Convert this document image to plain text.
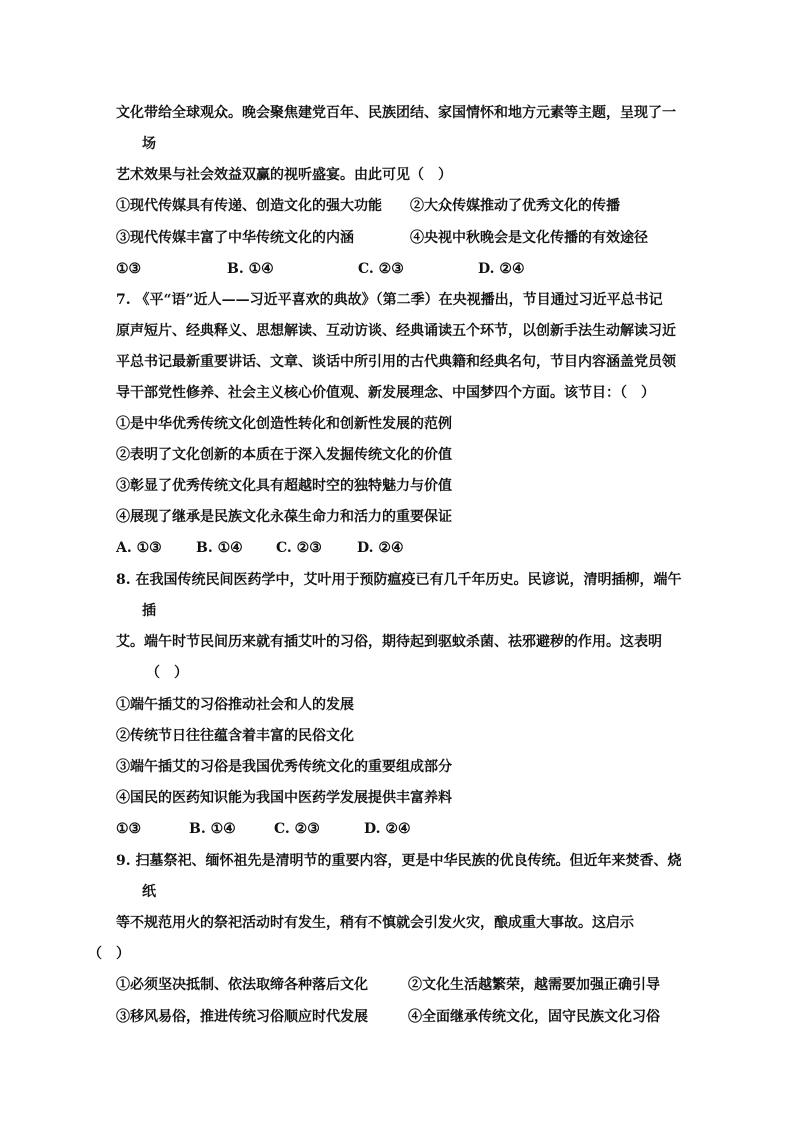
文化带给全球观众。晚会聚焦建党百年、民族团结、家国情怀和地方元素等主题，呈现了一
场
艺术效果与社会效益双赢的视听盛宴。由此可见（　）
①现代传媒具有传递、创造文化的强大功能 ②大众传媒推动了优秀文化的传播
③现代传媒丰富了中华传统文化的内涵	④央视中秋晚会是文化传播的有效途径
①③	B. ①④	C. ②③	D. ②④
7. 《平“语”近人——习近平喜欢的典故》（第二季）在央视播出，节目通过习近平总书记
原声短片、经典释义、思想解读、互动访谈、经典诵读五个环节，以创新手法生动解读习近
平总书记最新重要讲话、文章、谈话中所引用的古代典籍和经典名句，节目内容涵盖党员领
导干部党性修养、社会主义核心价值观、新发展理念、中国梦四个方面。该节目：（　）
①是中华优秀传统文化创造性转化和创新性发展的范例
②表明了文化创新的本质在于深入发掘传统文化的价值
③彰显了优秀传统文化具有超越时空的独特魅力与价值
④展现了继承是民族文化永葆生命力和活力的重要保证
A. ①③ B. ①④ C. ②③	D. ②④
8. 在我国传统民间医药学中，艾叶用于预防瘟疫已有几千年历史。民谚说，清明插柳，端午
插
艾。端午时节民间历来就有插艾叶的习俗，期待起到驱蚊杀菌、祛邪避秽的作用。这表明
（　）
①端午插艾的习俗推动社会和人的发展
②传统节日往往蕴含着丰富的民俗文化
③端午插艾的习俗是我国优秀传统文化的重要组成部分
④国民的医药知识能为我国中医药学发展提供丰富养料
①③	B. ①④	C. ②③	D. ②④
9. 扫墓祭祀、缅怀祖先是清明节的重要内容，更是中华民族的优良传统。但近年来焚香、烧
纸
等不规范用火的祭祀活动时有发生，稍有不慎就会引发火灾，酿成重大事故。这启示
（　）
①必须坚决抵制、依法取缔各种落后文化	②文化生活越繁荣，越需要加强正确引导
③移风易俗，推进传统习俗顺应时代发展	④全面继承传统文化，固守民族文化习俗
